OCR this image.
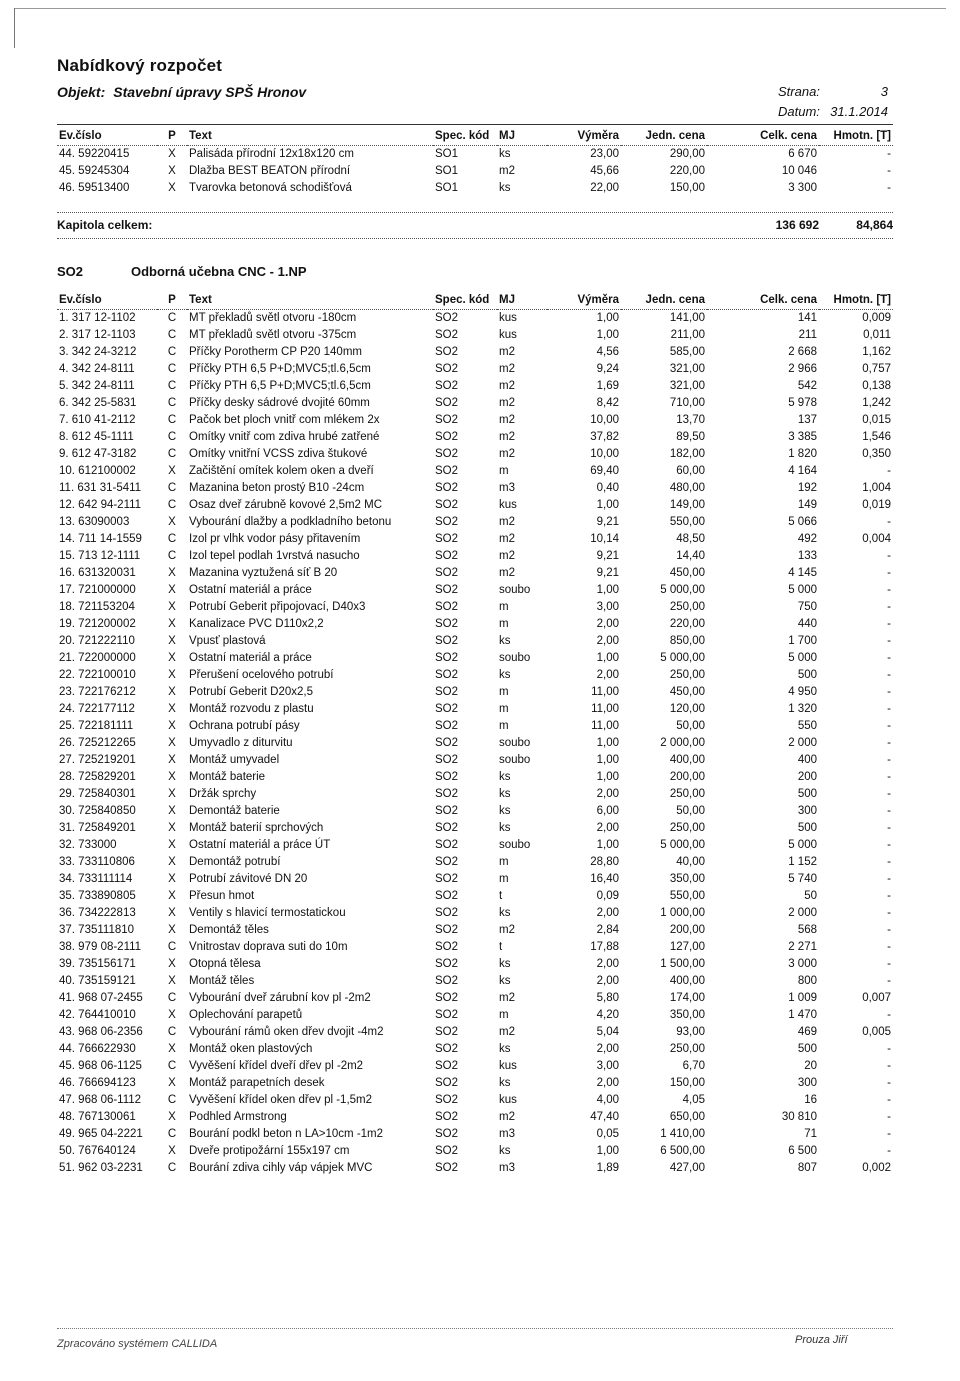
Nabídkový rozpočet
Objekt: Stavební úpravy SPŠ Hronov	Strana:	3
Datum: 31.1.2014
Ev.číslo	P	Text	Spec. kód	MJ	Výměra	Jedn. cena	Celk. cena	Hmotn. [T]
44. 59220415	X	Palisáda přírodní 12x18x120 cm	SO1	ks	23,00	290,00	6 670	-
45. 59245304	X	Dlažba BEST BEATON přírodní	SO1	m2	45,66	220,00	10 046	-
46. 59513400	X	Tvarovka betonová schodišťová	SO1	ks	22,00	150,00	3 300	-
Kapitola celkem:	136 692	84,864
SO2	Odborná učebna CNC - 1.NP
Ev.číslo	P	Text	Spec. kód	MJ	Výměra	Jedn. cena	Celk. cena	Hmotn. [T]
1. 317 12-1102	C	MT překladů světl otvoru -180cm	SO2	kus	1,00	141,00	141	0,009
2. 317 12-1103	C	MT překladů světl otvoru -375cm	SO2	kus	1,00	211,00	211	0,011
3. 342 24-3212	C	Příčky Porotherm CP P20 140mm	SO2	m2	4,56	585,00	2 668	1,162
4. 342 24-8111	C	Příčky PTH 6,5 P+D;MVC5;tl.6,5cm	SO2	m2	9,24	321,00	2 966	0,757
5. 342 24-8111	C	Příčky PTH 6,5 P+D;MVC5;tl.6,5cm	SO2	m2	1,69	321,00	542	0,138
6. 342 25-5831	C	Příčky desky sádrové dvojité 60mm	SO2	m2	8,42	710,00	5 978	1,242
7. 610 41-2112	C	Pačok bet ploch vnitř com mlékem 2x	SO2	m2	10,00	13,70	137	0,015
8. 612 45-1111	C	Omítky vnitř com zdiva hrubé zatřené	SO2	m2	37,82	89,50	3 385	1,546
9. 612 47-3182	C	Omítky vnitřní VCSS zdiva štukové	SO2	m2	10,00	182,00	1 820	0,350
10. 612100002	X	Začištění omítek kolem oken a dveří	SO2	m	69,40	60,00	4 164	-
11. 631 31-5411	C	Mazanina beton prostý B10 -24cm	SO2	m3	0,40	480,00	192	1,004
12. 642 94-2111	C	Osaz dveř zárubně kovové 2,5m2 MC	SO2	kus	1,00	149,00	149	0,019
13. 63090003	X	Vybourání dlažby a podkladního betonu	SO2	m2	9,21	550,00	5 066	-
14. 711 14-1559	C	Izol pr vlhk vodor pásy přitavením	SO2	m2	10,14	48,50	492	0,004
15. 713 12-1111	C	Izol tepel podlah 1vrstvá nasucho	SO2	m2	9,21	14,40	133	-
16. 631320031	X	Mazanina vyztužená síť B 20	SO2	m2	9,21	450,00	4 145	-
17. 721000000	X	Ostatní materiál a práce	SO2	soubo	1,00	5 000,00	5 000	-
18. 721153204	X	Potrubí Geberit připojovací, D40x3	SO2	m	3,00	250,00	750	-
19. 721200002	X	Kanalizace PVC D110x2,2	SO2	m	2,00	220,00	440	-
20. 721222110	X	Vpusť plastová	SO2	ks	2,00	850,00	1 700	-
21. 722000000	X	Ostatní materiál a práce	SO2	soubo	1,00	5 000,00	5 000	-
22. 722100010	X	Přerušení ocelového potrubí	SO2	ks	2,00	250,00	500	-
23. 722176212	X	Potrubí Geberit D20x2,5	SO2	m	11,00	450,00	4 950	-
24. 722177112	X	Montáž rozvodu z plastu	SO2	m	11,00	120,00	1 320	-
25. 722181111	X	Ochrana potrubí pásy	SO2	m	11,00	50,00	550	-
26. 725212265	X	Umyvadlo z diturvitu	SO2	soubo	1,00	2 000,00	2 000	-
27. 725219201	X	Montáž umyvadel	SO2	soubo	1,00	400,00	400	-
28. 725829201	X	Montáž baterie	SO2	ks	1,00	200,00	200	-
29. 725840301	X	Držák sprchy	SO2	ks	2,00	250,00	500	-
30. 725840850	X	Demontáž baterie	SO2	ks	6,00	50,00	300	-
31. 725849201	X	Montáž baterií sprchových	SO2	ks	2,00	250,00	500	-
32. 733000	X	Ostatní materiál a práce ÚT	SO2	soubo	1,00	5 000,00	5 000	-
33. 733110806	X	Demontáž potrubí	SO2	m	28,80	40,00	1 152	-
34. 733111114	X	Potrubí závitové DN 20	SO2	m	16,40	350,00	5 740	-
35. 733890805	X	Přesun hmot	SO2	t	0,09	550,00	50	-
36. 734222813	X	Ventily s hlavicí termostatickou	SO2	ks	2,00	1 000,00	2 000	-
37. 735111810	X	Demontáž těles	SO2	m2	2,84	200,00	568	-
38. 979 08-2111	C	Vnitrostav doprava suti do 10m	SO2	t	17,88	127,00	2 271	-
39. 735156171	X	Otopná tělesa	SO2	ks	2,00	1 500,00	3 000	-
40. 735159121	X	Montáž těles	SO2	ks	2,00	400,00	800	-
41. 968 07-2455	C	Vybourání dveř zárubní kov pl -2m2	SO2	m2	5,80	174,00	1 009	0,007
42. 764410010	X	Oplechování parapetů	SO2	m	4,20	350,00	1 470	-
43. 968 06-2356	C	Vybourání rámů oken dřev dvojit -4m2	SO2	m2	5,04	93,00	469	0,005
44. 766622930	X	Montáž oken plastových	SO2	ks	2,00	250,00	500	-
45. 968 06-1125	C	Vyvěšení křídel dveří dřev pl -2m2	SO2	kus	3,00	6,70	20	-
46. 766694123	X	Montáž parapetních desek	SO2	ks	2,00	150,00	300	-
47. 968 06-1112	C	Vyvěšení křídel oken dřev pl -1,5m2	SO2	kus	4,00	4,05	16	-
48. 767130061	X	Podhled Armstrong	SO2	m2	47,40	650,00	30 810	-
49. 965 04-2221	C	Bourání podkl beton n LA>10cm -1m2	SO2	m3	0,05	1 410,00	71	-
50. 767640124	X	Dveře protipožární 155x197 cm	SO2	ks	1,00	6 500,00	6 500	-
51. 962 03-2231	C	Bourání zdiva cihly váp vápjek MVC	SO2	m3	1,89	427,00	807	0,002
Zpracováno systémem CALLIDA	Prouza Jiří
